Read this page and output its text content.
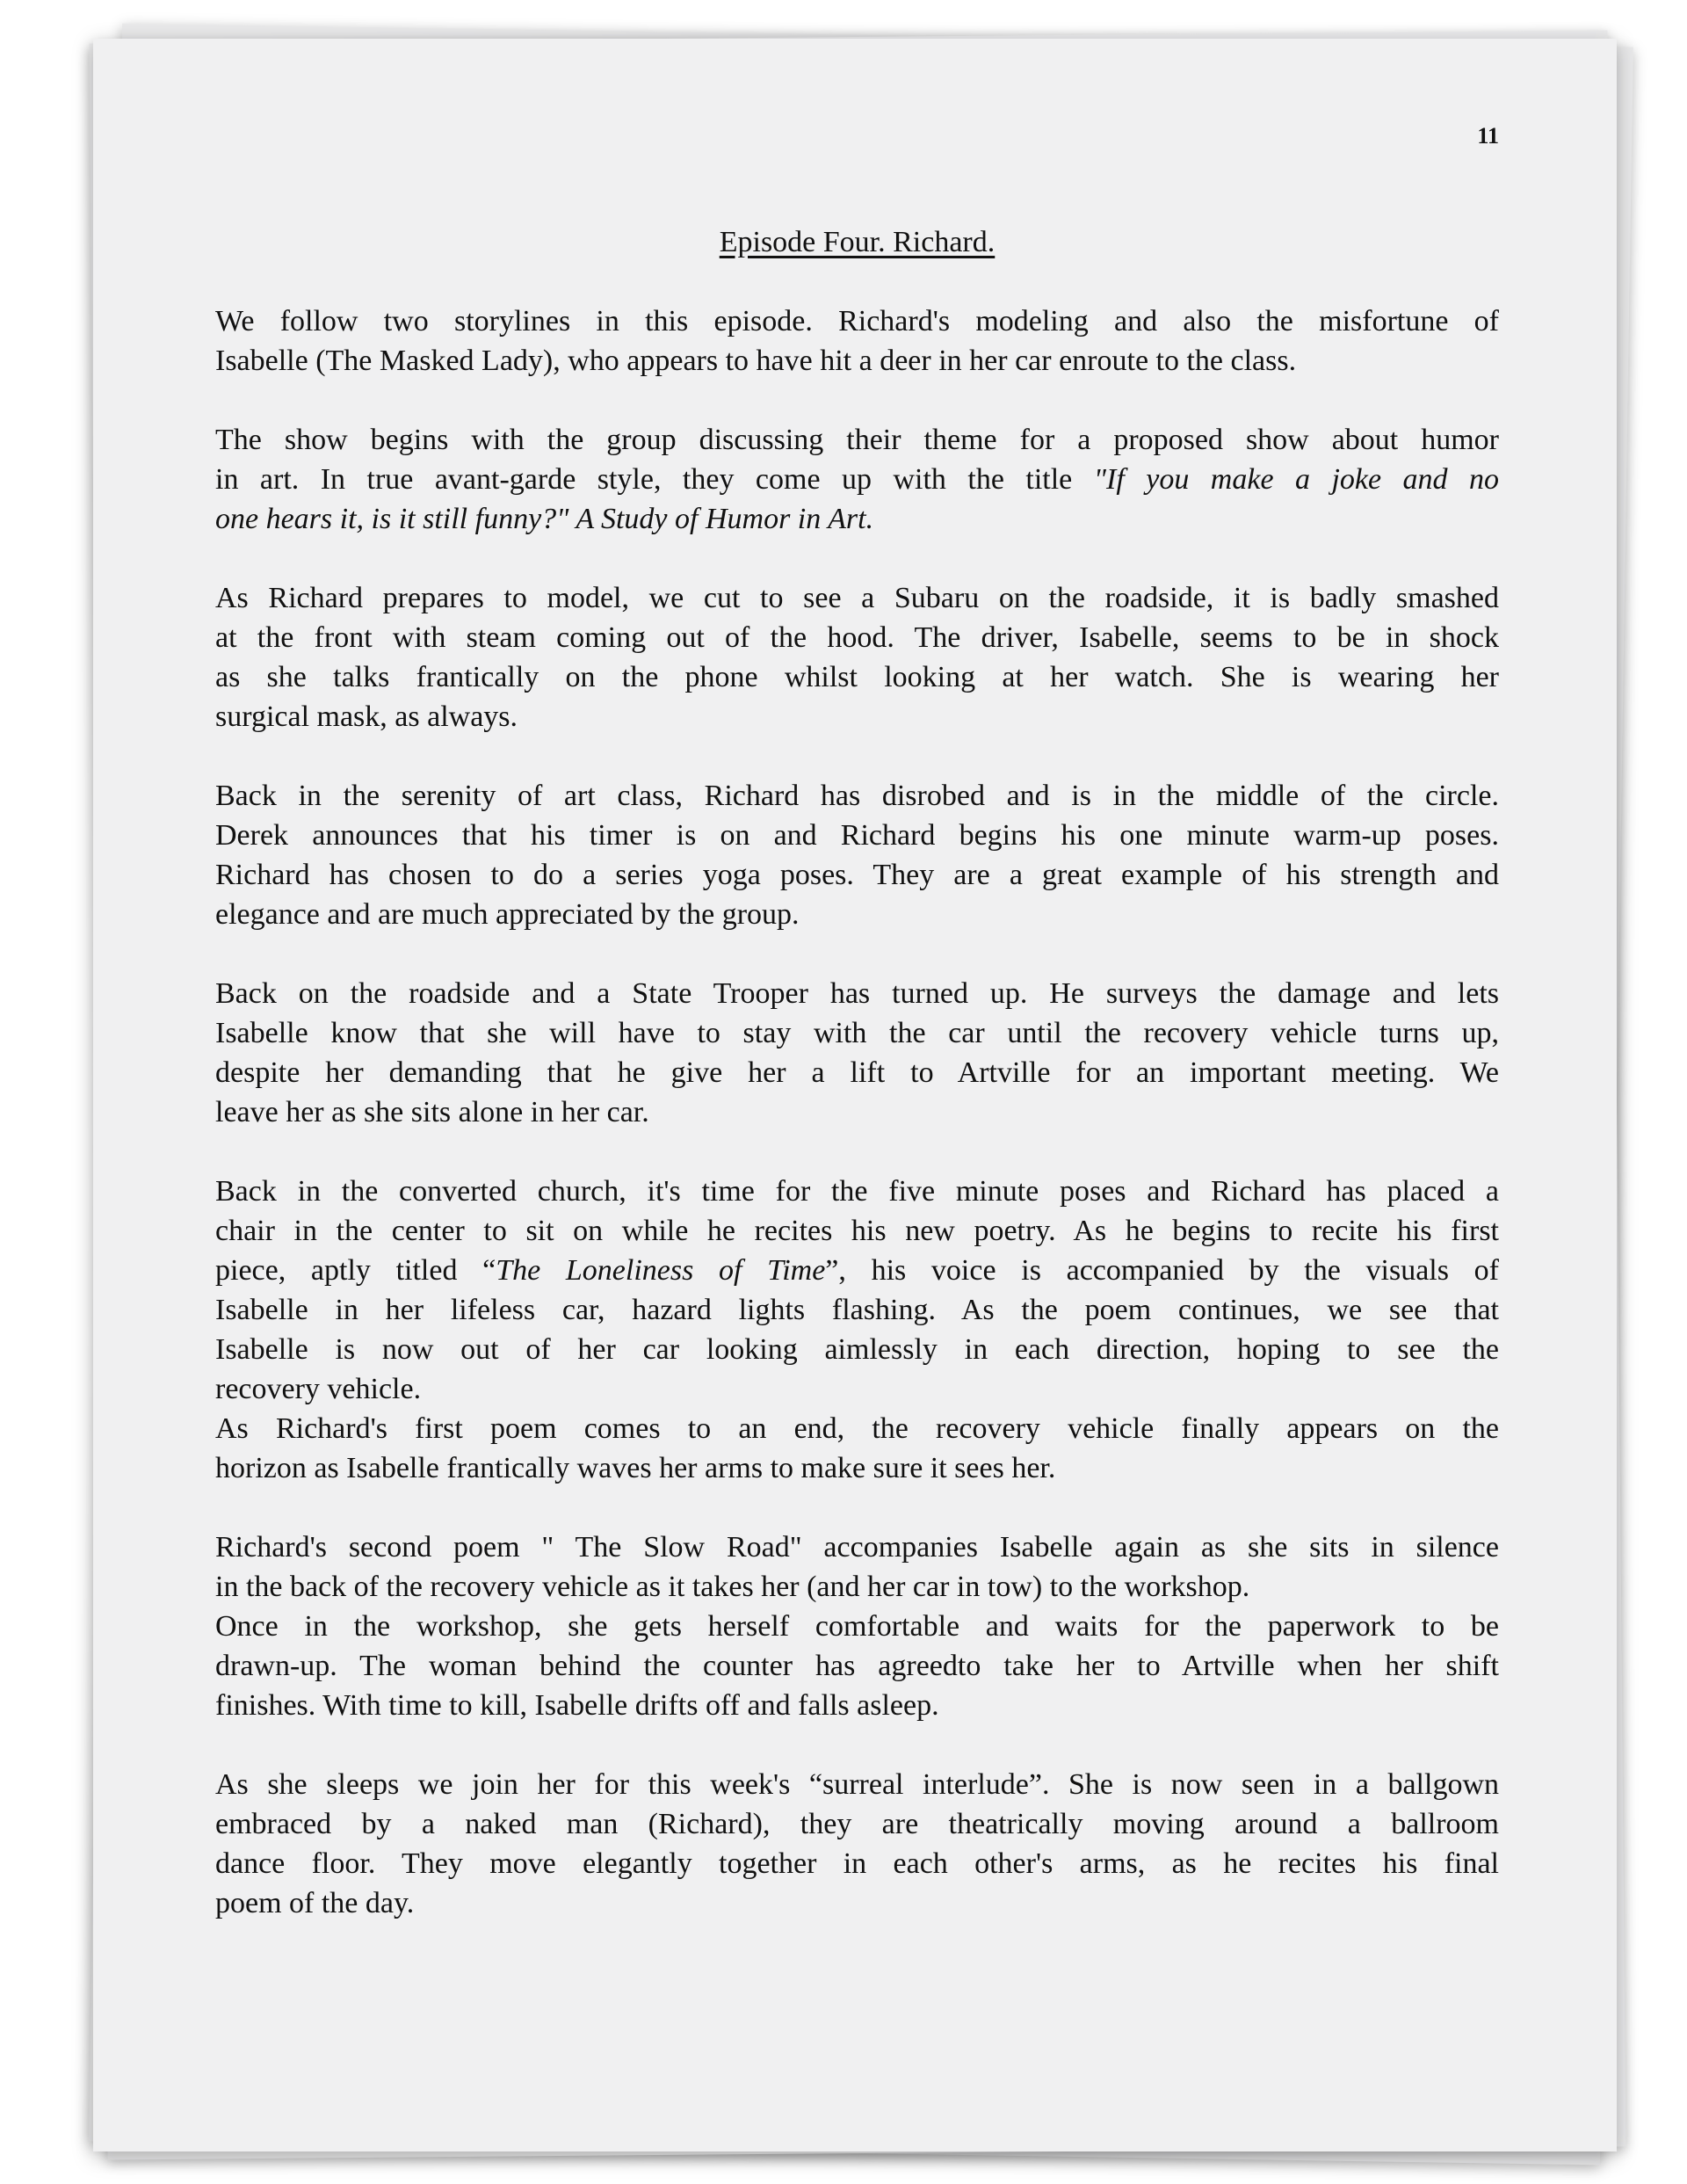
11
Episode Four. Richard.
We follow two storylines in this episode. Richard's modeling and also the misfortune of
Isabelle (The Masked Lady), who appears to have hit a deer in her car enroute to the class.
The show begins with the group discussing their theme for a proposed show about humor
in art. In true avant-garde style, they come up with the title "If you make a joke and no
one hears it, is it still funny?" A Study of Humor in Art.
As Richard prepares to model, we cut to see a Subaru on the roadside, it is badly smashed
at the front with steam coming out of the hood. The driver, Isabelle, seems to be in shock
as she talks frantically on the phone whilst looking at her watch. She is wearing her
surgical mask, as always.
Back in the serenity of art class, Richard has disrobed and is in the middle of the circle.
Derek announces that his timer is on and Richard begins his one minute warm-up poses.
Richard has chosen to do a series yoga poses. They are a great example of his strength and
elegance and are much appreciated by the group.
Back on the roadside and a State Trooper has turned up. He surveys the damage and lets
Isabelle know that she will have to stay with the car until the recovery vehicle turns up,
despite her demanding that he give her a lift to Artville for an important meeting. We
leave her as she sits alone in her car.
Back in the converted church, it's time for the five minute poses and Richard has placed a
chair in the center to sit on while he recites his new poetry. As he begins to recite his first
piece, aptly titled “The Loneliness of Time”, his voice is accompanied by the visuals of
Isabelle in her lifeless car, hazard lights flashing. As the poem continues, we see that
Isabelle is now out of her car looking aimlessly in each direction, hoping to see the
recovery vehicle.
As Richard's first poem comes to an end, the recovery vehicle finally appears on the
horizon as Isabelle frantically waves her arms to make sure it sees her.
Richard's second poem " The Slow Road" accompanies Isabelle again as she sits in silence
in the back of the recovery vehicle as it takes her (and her car in tow) to the workshop.
Once in the workshop, she gets herself comfortable and waits for the paperwork to be
drawn-up. The woman behind the counter has agreedto take her to Artville when her shift
finishes. With time to kill, Isabelle drifts off and falls asleep.
As she sleeps we join her for this week's “surreal interlude”. She is now seen in a ballgown
embraced by a naked man (Richard), they are theatrically moving around a ballroom
dance floor. They move elegantly together in each other's arms, as he recites his final
poem of the day.
